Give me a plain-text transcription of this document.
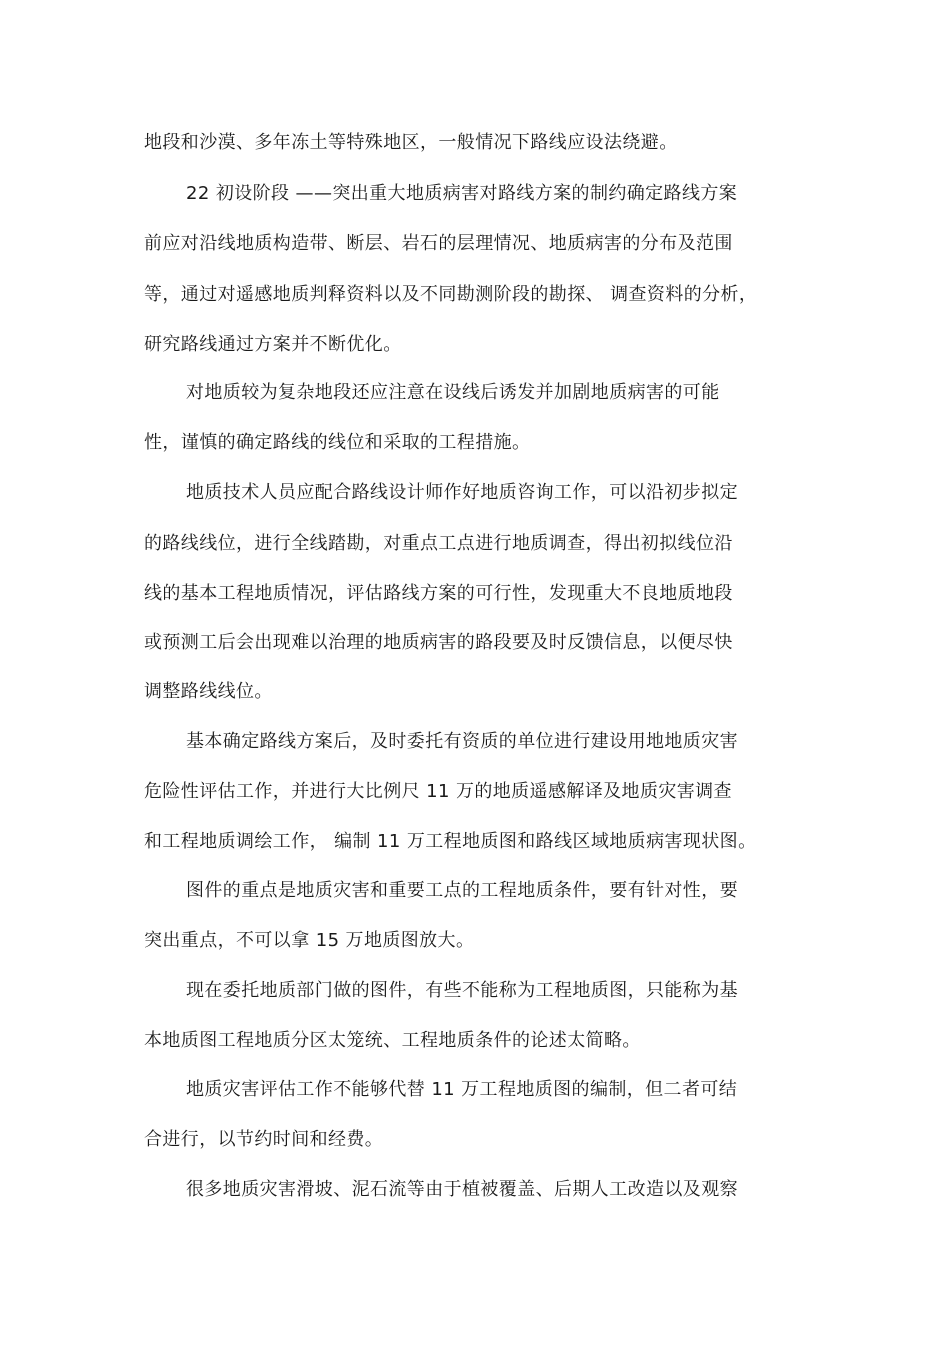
地段和沙漠、多年冻土等特殊地区，一般情况下路线应设法绕避。
22 初设阶段 ——突出重大地质病害对路线方案的制约确定路线方案
前应对沿线地质构造带、断层、岩石的层理情况、地质病害的分布及范围
等，通过对遥感地质判释资料以及不同勘测阶段的勘探、 调查资料的分析，
研究路线通过方案并不断优化。
对地质较为复杂地段还应注意在设线后诱发并加剧地质病害的可能
性，谨慎的确定路线的线位和采取的工程措施。
地质技术人员应配合路线设计师作好地质咨询工作，可以沿初步拟定
的路线线位，进行全线踏勘，对重点工点进行地质调查，得出初拟线位沿
线的基本工程地质情况，评估路线方案的可行性，发现重大不良地质地段
或预测工后会出现难以治理的地质病害的路段要及时反馈信息，以便尽快
调整路线线位。
基本确定路线方案后，及时委托有资质的单位进行建设用地地质灾害
危险性评估工作，并进行大比例尺 11 万的地质遥感解译及地质灾害调查
和工程地质调绘工作， 编制 11 万工程地质图和路线区域地质病害现状图。
图件的重点是地质灾害和重要工点的工程地质条件，要有针对性，要
突出重点，不可以拿 15 万地质图放大。
现在委托地质部门做的图件，有些不能称为工程地质图，只能称为基
本地质图工程地质分区太笼统、工程地质条件的论述太简略。
地质灾害评估工作不能够代替 11 万工程地质图的编制，但二者可结
合进行，以节约时间和经费。
很多地质灾害滑坡、泥石流等由于植被覆盖、后期人工改造以及观察
